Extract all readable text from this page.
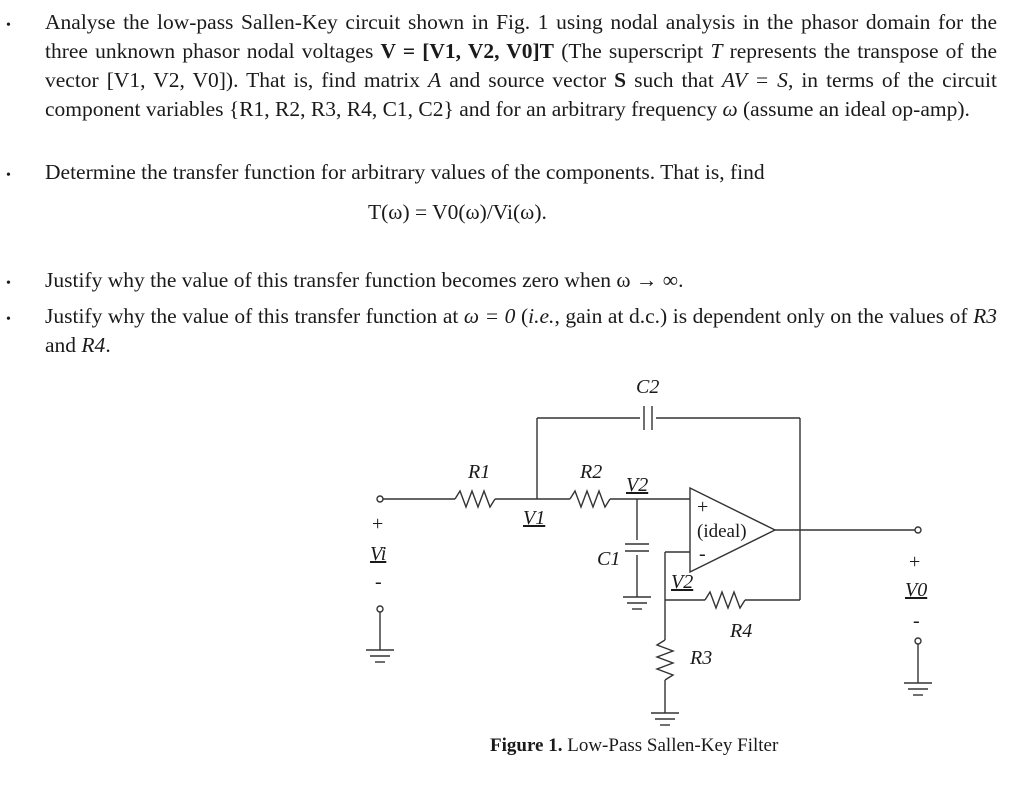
• Analyse the low-pass Sallen-Key circuit shown in Fig. 1 using nodal analysis in the phasor domain for the three unknown phasor nodal voltages V = [V1, V2, V0]T (The superscript T represents the transpose of the vector [V1, V2, V0]). That is, find matrix A and source vector S such that AV = S, in terms of the circuit component variables {R1, R2, R3, R4, C1, C2} and for an arbitrary frequency ω (assume an ideal op-amp).
• Determine the transfer function for arbitrary values of the components. That is, find
T(ω) = V0(ω)/Vi(ω).
• Justify why the value of this transfer function becomes zero when ω → ∞.
• Justify why the value of this transfer function at ω = 0 (i.e., gain at d.c.) is dependent only on the values of R3 and R4.
C2
R1	R2
V1
V2
+
(ideal)
-
C1
V2
R4
R3
+
Vi
-
+
V0
-
Figure 1. Low-Pass Sallen-Key Filter
